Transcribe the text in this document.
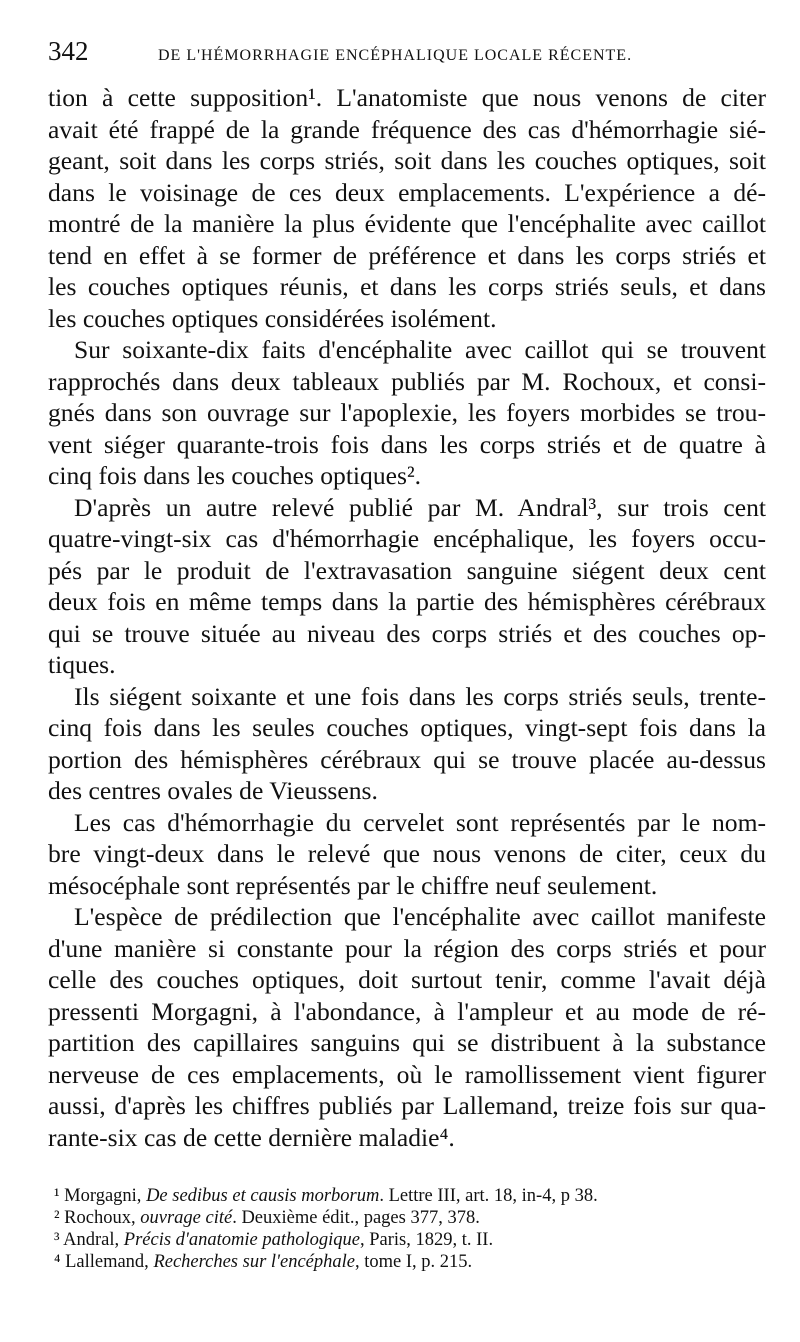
342	DE L'HÉMORRHAGIE ENCÉPHALIQUE LOCALE RÉCENTE.
tion à cette supposition¹. L'anatomiste que nous venons de citer
avait été frappé de la grande fréquence des cas d'hémorrhagie sié-
geant, soit dans les corps striés, soit dans les couches optiques, soit
dans le voisinage de ces deux emplacements. L'expérience a dé-
montré de la manière la plus évidente que l'encéphalite avec caillot
tend en effet à se former de préférence et dans les corps striés et
les couches optiques réunis, et dans les corps striés seuls, et dans
les couches optiques considérées isolément.
Sur soixante-dix faits d'encéphalite avec caillot qui se trouvent
rapprochés dans deux tableaux publiés par M. Rochoux, et consi-
gnés dans son ouvrage sur l'apoplexie, les foyers morbides se trou-
vent siéger quarante-trois fois dans les corps striés et de quatre à
cinq fois dans les couches optiques².
D'après un autre relevé publié par M. Andral³, sur trois cent
quatre-vingt-six cas d'hémorrhagie encéphalique, les foyers occu-
pés par le produit de l'extravasation sanguine siégent deux cent
deux fois en même temps dans la partie des hémisphères cérébraux
qui se trouve située au niveau des corps striés et des couches op-
tiques.
Ils siégent soixante et une fois dans les corps striés seuls, trente-
cinq fois dans les seules couches optiques, vingt-sept fois dans la
portion des hémisphères cérébraux qui se trouve placée au-dessus
des centres ovales de Vieussens.
Les cas d'hémorrhagie du cervelet sont représentés par le nom-
bre vingt-deux dans le relevé que nous venons de citer, ceux du
mésocéphale sont représentés par le chiffre neuf seulement.
L'espèce de prédilection que l'encéphalite avec caillot manifeste
d'une manière si constante pour la région des corps striés et pour
celle des couches optiques, doit surtout tenir, comme l'avait déjà
pressenti Morgagni, à l'abondance, à l'ampleur et au mode de ré-
partition des capillaires sanguins qui se distribuent à la substance
nerveuse de ces emplacements, où le ramollissement vient figurer
aussi, d'après les chiffres publiés par Lallemand, treize fois sur qua-
rante-six cas de cette dernière maladie⁴.
¹ Morgagni, De sedibus et causis morborum. Lettre III, art. 18, in-4, p 38.
² Rochoux, ouvrage cité. Deuxième édit., pages 377, 378.
³ Andral, Précis d'anatomie pathologique, Paris, 1829, t. II.
⁴ Lallemand, Recherches sur l'encéphale, tome I, p. 215.
